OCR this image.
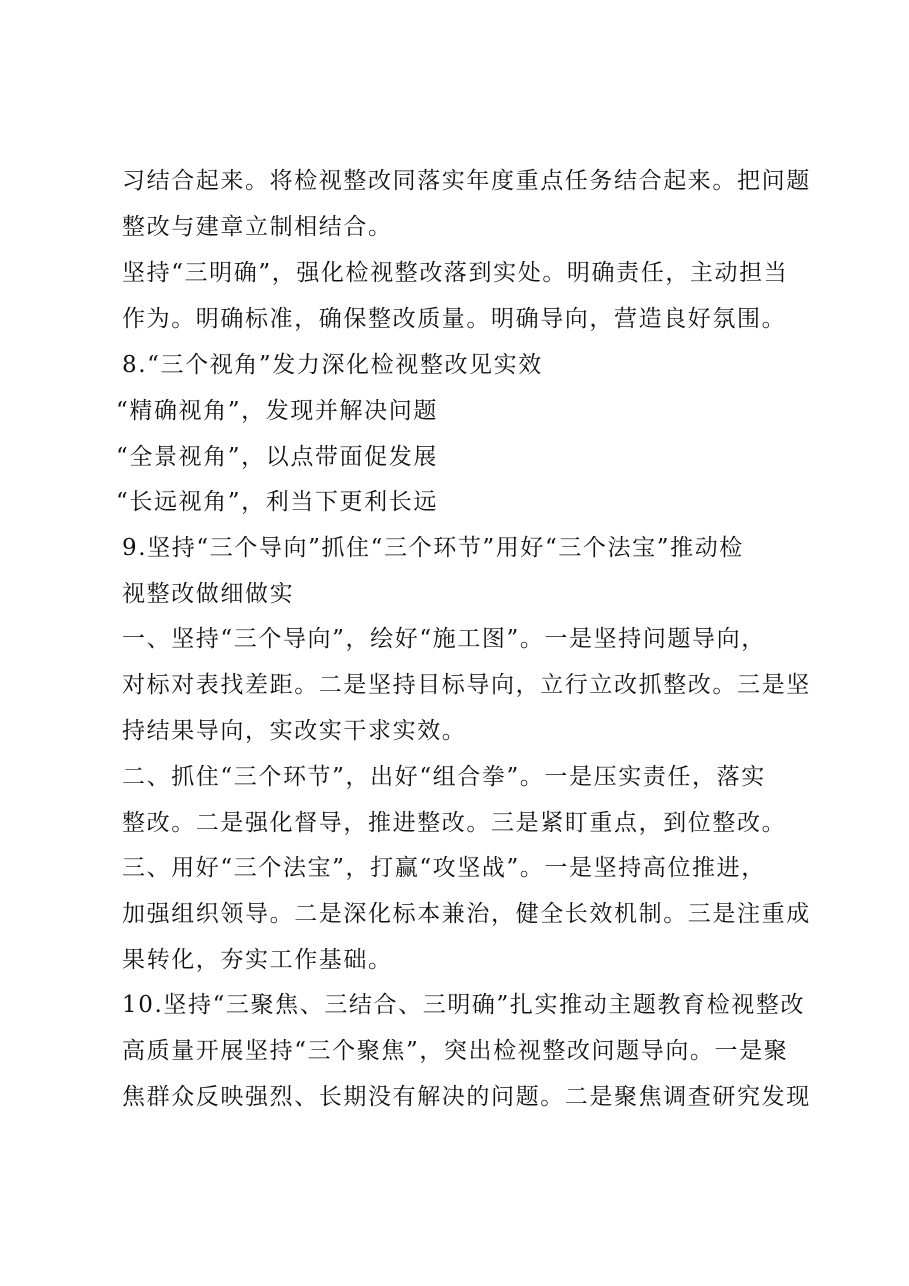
习结合起来。将检视整改同落实年度重点任务结合起来。把问题
整改与建章立制相结合。
坚持“三明确”，强化检视整改落到实处。明确责任，主动担当
作为。明确标准，确保整改质量。明确导向，营造良好氛围。
8.“三个视角”发力深化检视整改见实效
“精确视角”，发现并解决问题
“全景视角”，以点带面促发展
“长远视角”，利当下更利长远
9.坚持“三个导向”抓住“三个环节”用好“三个法宝”推动检
视整改做细做实
一、坚持“三个导向”，绘好“施工图”。一是坚持问题导向，
对标对表找差距。二是坚持目标导向，立行立改抓整改。三是坚
持结果导向，实改实干求实效。
二、抓住“三个环节”，出好“组合拳”。一是压实责任，落实
整改。二是强化督导，推进整改。三是紧盯重点，到位整改。
三、用好“三个法宝”，打赢“攻坚战”。一是坚持高位推进，
加强组织领导。二是深化标本兼治，健全长效机制。三是注重成
果转化，夯实工作基础。
10.坚持“三聚焦、三结合、三明确”扎实推动主题教育检视整改
高质量开展坚持“三个聚焦”，突出检视整改问题导向。一是聚
焦群众反映强烈、长期没有解决的问题。二是聚焦调查研究发现
